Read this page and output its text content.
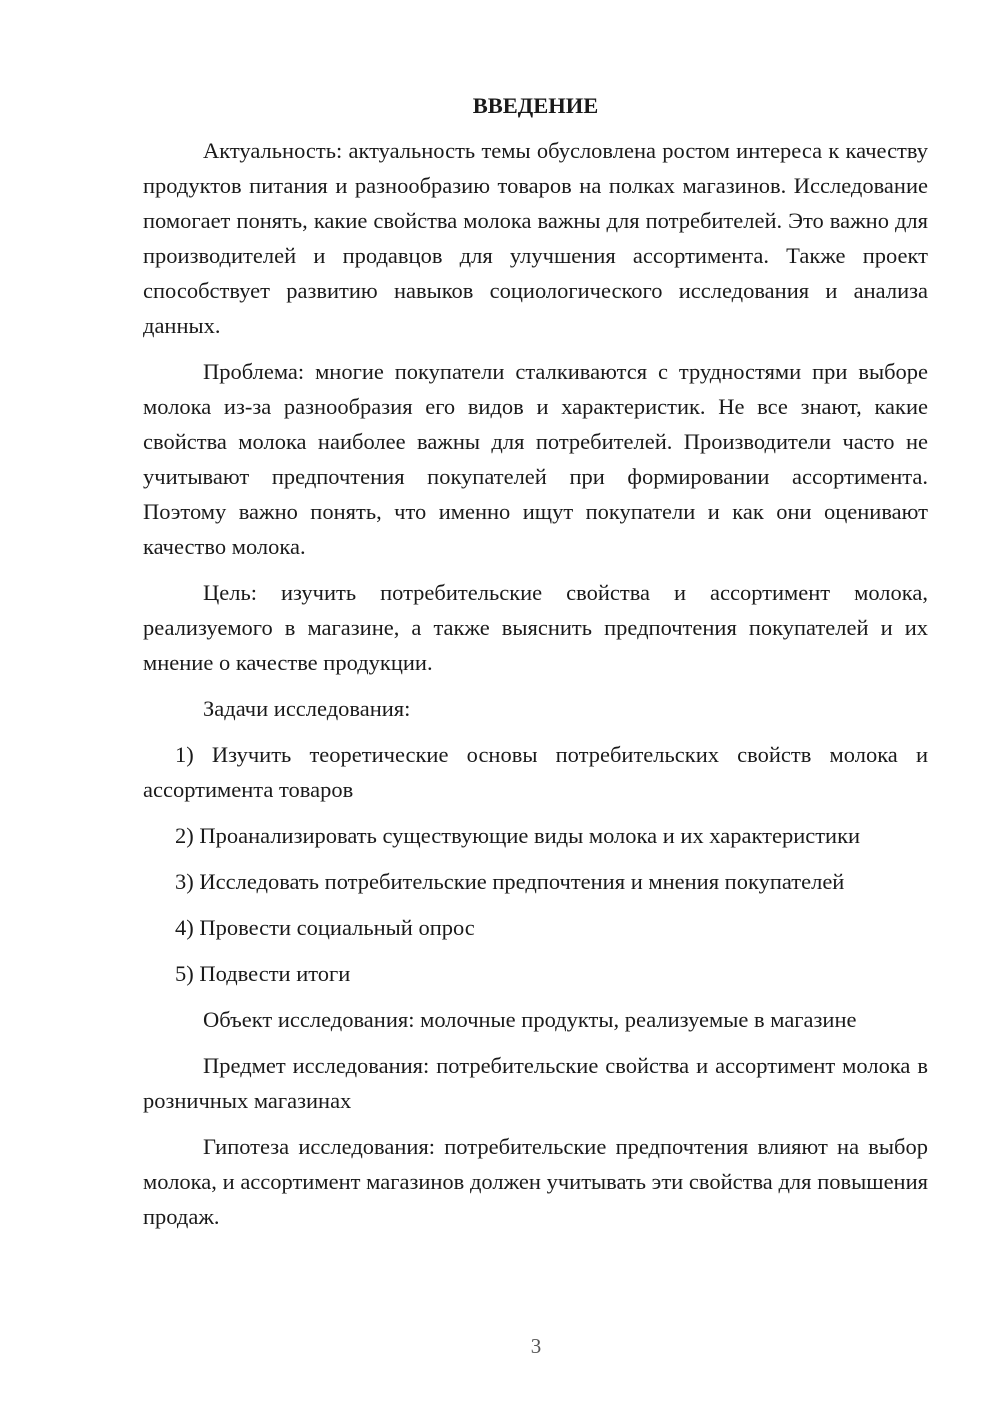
ВВЕДЕНИЕ

Актуальность: актуальность темы обусловлена ростом интереса к качеству продуктов питания и разнообразию товаров на полках магазинов. Исследование помогает понять, какие свойства молока важны для потребителей. Это важно для производителей и продавцов для улучшения ассортимента. Также проект способствует развитию навыков социологического исследования и анализа данных.

Проблема: многие покупатели сталкиваются с трудностями при выборе молока из-за разнообразия его видов и характеристик. Не все знают, какие свойства молока наиболее важны для потребителей. Производители часто не учитывают предпочтения покупателей при формировании ассортимента. Поэтому важно понять, что именно ищут покупатели и как они оценивают качество молока.

Цель: изучить потребительские свойства и ассортимент молока, реализуемого в магазине, а также выяснить предпочтения покупателей и их мнение о качестве продукции.

Задачи исследования:

1) Изучить теоретические основы потребительских свойств молока и ассортимента товаров

2) Проанализировать существующие виды молока и их характеристики

3) Исследовать потребительские предпочтения и мнения покупателей

4) Провести социальный опрос

5) Подвести итоги

Объект исследования: молочные продукты, реализуемые в магазине

Предмет исследования: потребительские свойства и ассортимент молока в розничных магазинах

Гипотеза исследования: потребительские предпочтения влияют на выбор молока, и ассортимент магазинов должен учитывать эти свойства для повышения продаж.

3
